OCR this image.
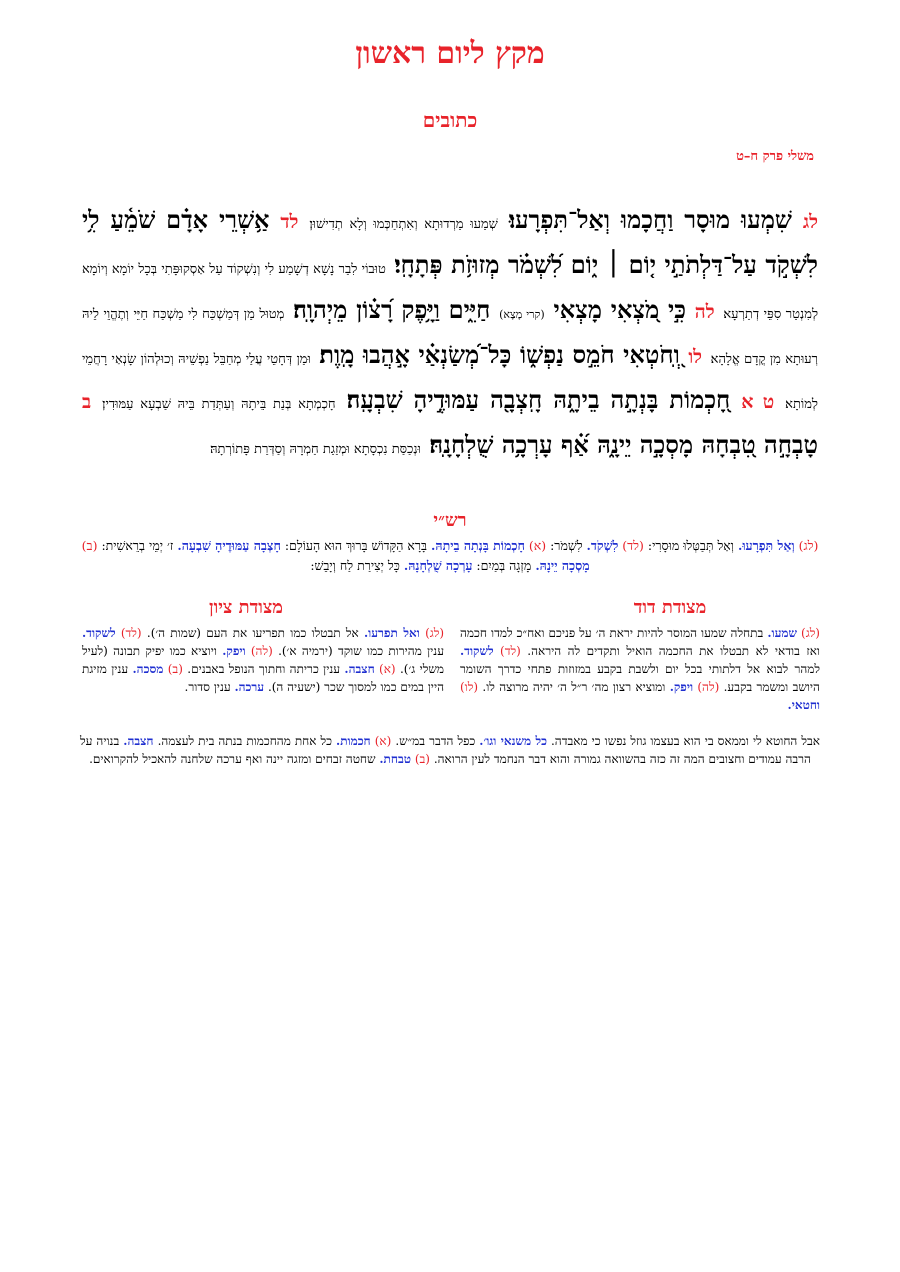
מקץ ליום ראשון
כתובים
משלי פרק ח–ט
לג שִׁמְעוּ מוּסָר וַחֲכָמוּ וְאַל־תִּפְרָעוּ׃ שְׁמַעוּ מַרְדוּתָא וְאִתְחַכְּמוּ וְלָא תְדִישׁוּן׃ לד אַ֥שְׁרֵי אָדָ֗ם שֹׁמֵ֫עַ לִ֥י לִשְׁקֹ֣ד עַל־דַּלְתֹתַ֣י י֤וֹם ׀ י֑וֹם לִ֝שְׁמֹ֗ר מְזוּזֹ֥ת פְּתָחָֽי׃ טוּבוֹי לִבַר נָשָׁא דְשָׁמַע לִי וְנִשְׁקוֹד עַל אַסְקוּפָּתִי בְּכָל יוֹמָא וְיוֹמָא לְמִנְטַר סִפֵּי דְתַרְעָא׃ לה כִּ֣י מֹ֭צְאִי מָצְאִי (קרי מָצָא) חַיִּ֑ים וַיָּ֥פֶק רָ֝צ֗וֹן מֵיְהוָֽה׃ מְטוּל מַן דְּמַשְׁכַּח לִי מַשְׁכַּח חַיֵּי וְתֶהֱוֵי לֵיהּ רְעוּתָא מִן קֳדָם אֱלָהָא׃ לו וְֽ֭חֹטְאִי חֹמֵ֣ס נַפְשׁ֑וֹ כָּל־מְ֝שַׂנְאַ֗י אָ֣הֲבוּ מָֽוֶת׃ וּמַן דְּחָטֵי עֲלַי מְחַבֵּל נַפְשֵׁיהּ וְכוּלְהוֹן שָׂנְאַי רָחֲמֵי לְמוֹתָא׃ ט א חָ֭כְמוֹת בָּנְתָ֣ה בֵיתָ֑הּ חָֽצְבָ֖ה עַמּוּדֶ֣יהָ שִׁבְעָֽה׃ חָכְמְתָא בְּנַת בֵּיתָהּ וְעַתְּדַת בֵּיהּ שַׁבְעָא עַמּוּדִין׃ ב טָבְחָ֣ה טִ֭בְחָהּ מָסְכָ֣ה יֵינָ֑הּ אַ֝֗ף עָרְכָ֥ה שֻׁלְחָנָֽהּ׃ וּנְכַסַּת נִכְסָתָא וּמְזַגַת חַמְרָהּ וְסַדְּרַת פָּתוֹרְתָהּ׃
רש״י
(לג) וְאַל תִּפְרָעוּ. וְאַל תְּבַטְּלוּ מוּסָרִי: (לד) לִשְׁקֹד. לִשְׁמֹר: (א) חָכְמוֹת בָּנְתָה בֵיתָהּ. בָּרָא הַקָּדוֹשׁ בָּרוּךְ הוּא הָעוֹלָם: חָצְבָה עַמּוּדֶיהָ שִׁבְעָה. ז׳ יְמֵי בְרֵאשִׁית: (ב) מָסְכָה יֵינָהּ. מָזְגָה בְּמַיִם: עָרְכָה שֻׁלְחָנָהּ. כָּל יְצִירַת לַח וְיָבֵשׁ:
מצודת דוד
מצודת ציון
(לג) שמעו. בתחלה שמעו המוסר להיות יראת ה׳ על פניכם ואח״כ למדו חכמה ואז בודאי לא תבטלו את החכמה הואיל ותקדים לה היראה. (לד) לשקוד. למהר לבוא אל דלתותי בכל יום ולשבת בקבע במזוזות פתחי כדרך השומר היושב ומשמר בקבע. (לה) ויפק. ומוציא רצון מה׳ ר״ל ה׳ יהיה מרוצה לו. (לו) וחטאי.
(לג) ואל תפרעו. אל תבטלו כמו תפריעו את העם (שמות ה׳). (לד) לשקוד. ענין מהירות כמו שוקד (ירמיה א׳). (לה) ויפק. ויוציא כמו יפיק תבונה (לעיל משלי ג׳). (א) חצבה. ענין כריתה וחתוך הנופל באבנים. (ב) מסכה. ענין מזיגת היין במים כמו למסוך שכר (ישעיה ה). ערכה. ענין סדור.
אבל החוטא לי וממאס בי הוא בעצמו גוזל נפשו כי מאבדה. כל משנאי וגו׳. כפל הדבר במ״ש. (א) חכמות. כל אחת מהחכמות בנתה בית לעצמה. חצבה. בנויה על הרבה עמודים וחצובים המה זה כזה בהשוואה גמורה והוא דבר הנחמד לעין הרואה. (ב) טבחת. שחטה זבחים ומזגה יינה ואף ערכה שלחנה להאכיל להקרואים.
